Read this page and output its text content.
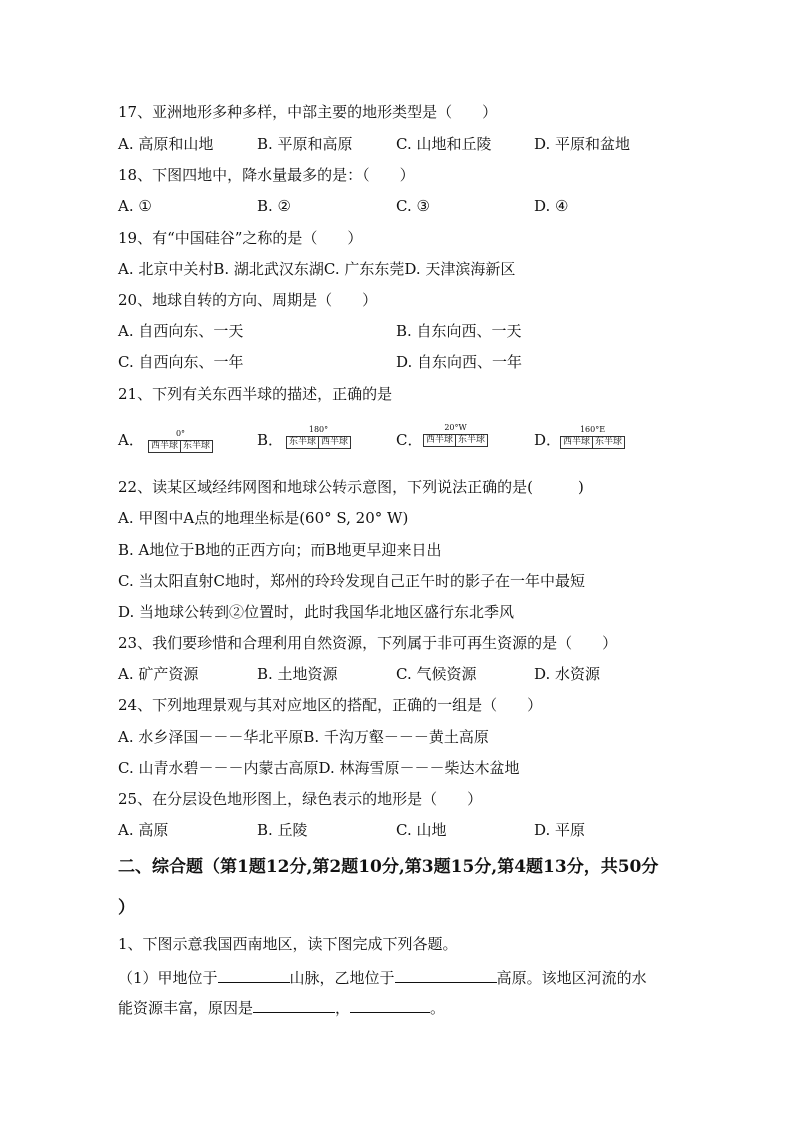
17、亚洲地形多种多样，中部主要的地形类型是（　　）
A. 高原和山地	B. 平原和高原	C. 山地和丘陵	D. 平原和盆地
18、下图四地中，降水量最多的是：（　　）
A. ①	B. ②	C. ③	D. ④
19、有“中国硅谷”之称的是（　　）
A. 北京中关村B. 湖北武汉东湖C. 广东东莞D. 天津滨海新区
20、地球自转的方向、周期是（　　）
A. 自西向东、一天	B. 自东向西、一天
C. 自西向东、一年	D. 自东向西、一年
21、下列有关东西半球的描述，正确的是
A．	0°
西半球 东半球	B．
180°
东半球 西半球	C．
20°W
西半球 东半球	D．
160°E
西半球 东半球
22、读某区域经纬网图和地球公转示意图，下列说法正确的是(　　　)
A. 甲图中A点的地理坐标是(60° S, 20° W)
B. A地位于B地的正西方向；而B地更早迎来日出
C. 当太阳直射C地时，郑州的玲玲发现自己正午时的影子在一年中最短
D. 当地球公转到②位置时，此时我国华北地区盛行东北季风
23、我们要珍惜和合理利用自然资源，下列属于非可再生资源的是（　　）
A. 矿产资源	B. 土地资源	C. 气候资源	D. 水资源
24、下列地理景观与其对应地区的搭配，正确的一组是（　　）
A. 水乡泽国－－－华北平原B. 千沟万壑－－－黄土高原
C. 山青水碧－－－内蒙古高原D. 林海雪原－－－柴达木盆地
25、在分层设色地形图上，绿色表示的地形是（　　）
A. 高原	B. 丘陵	C. 山地	D. 平原
二、综合题（第1题12分,第2题10分,第3题15分,第4题13分，共50分
）
1、下图示意我国西南地区，读下图完成下列各题。
（1）甲地位于	山脉，乙地位于	高原。该地区河流的水
能资源丰富，原因是	，	。
